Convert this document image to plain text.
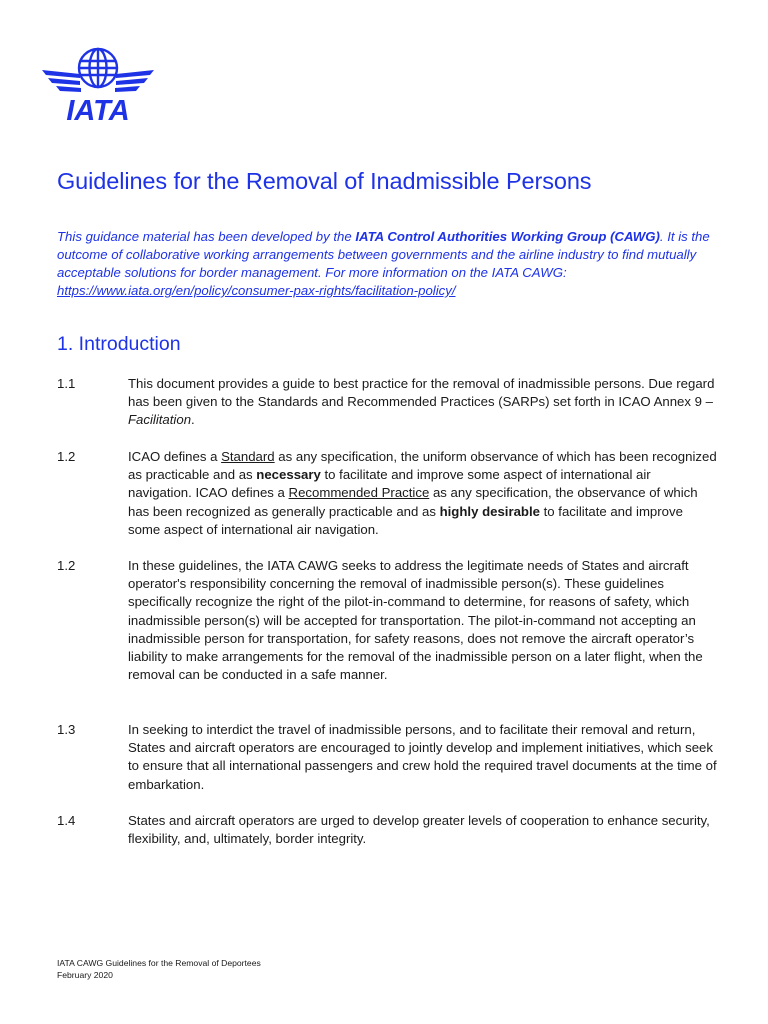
IATA
Guidelines for the Removal of Inadmissible Persons

This guidance material has been developed by the IATA Control Authorities Working Group (CAWG). It is the outcome of collaborative working arrangements between governments and the airline industry to find mutually acceptable solutions for border management. For more information on the IATA CAWG:
https://www.iata.org/en/policy/consumer-pax-rights/facilitation-policy/

1. Introduction
1.1	This document provides a guide to best practice for the removal of inadmissible persons. Due regard has been given to the Standards and Recommended Practices (SARPs) set forth in ICAO Annex 9 – Facilitation.
1.2	ICAO defines a Standard as any specification, the uniform observance of which has been recognized as practicable and as necessary to facilitate and improve some aspect of international air navigation. ICAO defines a Recommended Practice as any specification, the observance of which has been recognized as generally practicable and as highly desirable to facilitate and improve some aspect of international air navigation.
1.2	In these guidelines, the IATA CAWG seeks to address the legitimate needs of States and aircraft operator's responsibility concerning the removal of inadmissible person(s). These guidelines specifically recognize the right of the pilot-in-command to determine, for reasons of safety, which inadmissible person(s) will be accepted for transportation. The pilot-in-command not accepting an inadmissible person for transportation, for safety reasons, does not remove the aircraft operator’s liability to make arrangements for the removal of the inadmissible person on a later flight, when the removal can be conducted in a safe manner.
1.3	In seeking to interdict the travel of inadmissible persons, and to facilitate their removal and return, States and aircraft operators are encouraged to jointly develop and implement initiatives, which seek to ensure that all international passengers and crew hold the required travel documents at the time of embarkation.
1.4	States and aircraft operators are urged to develop greater levels of cooperation to enhance security, flexibility, and, ultimately, border integrity.
IATA CAWG Guidelines for the Removal of Deportees
February 2020
